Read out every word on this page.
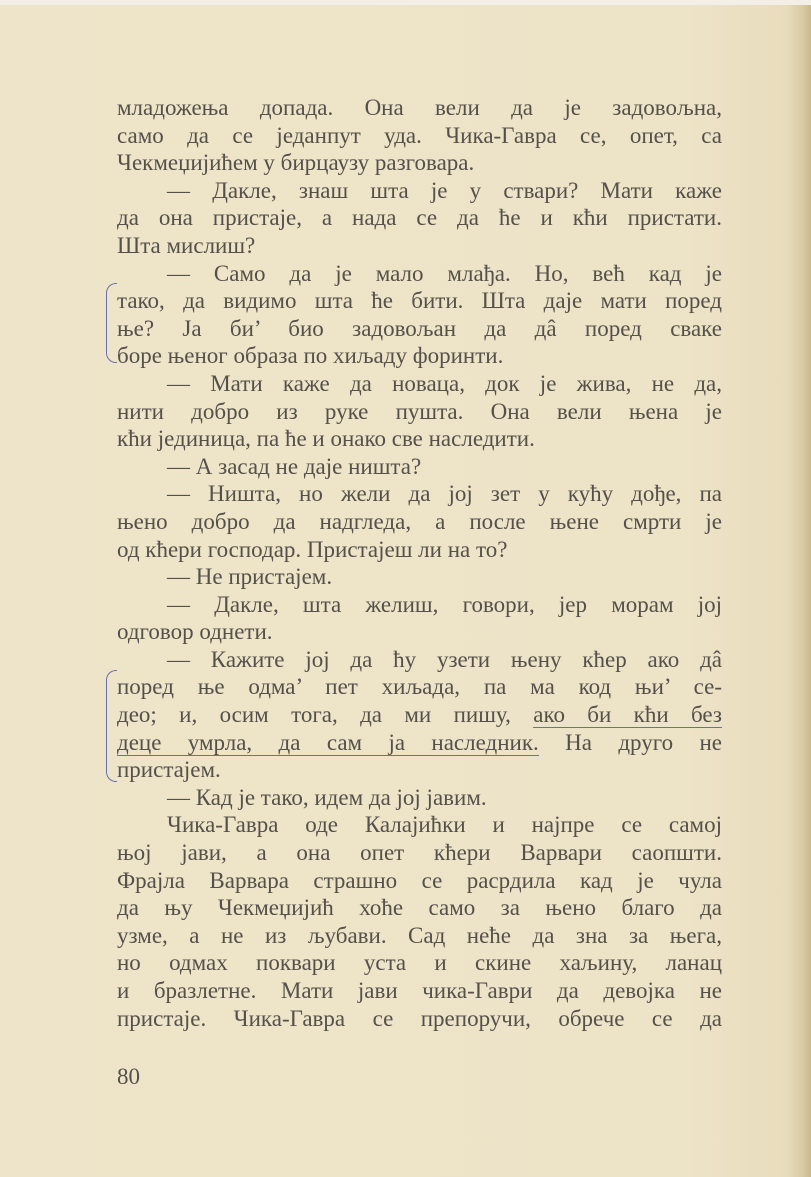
младожења допада. Она вели да је задовољна,
само да се једанпут уда. Чика-Гавра се, опет, са
Чекмеџијићем у бирцаузу разговара.
— Дакле, знаш шта је у ствари? Мати каже
да она пристаје, а нада се да ће и кћи пристати.
Шта мислиш?
— Само да је мало млађа. Но, већ кад је
тако, да видимо шта ће бити. Шта даје мати поред
ње? Ја би’ био задовољан да дâ поред сваке
боре њеног образа по хиљаду форинти.
— Мати каже да новаца, док је жива, не да,
нити добро из руке пушта. Она вели њена је
кћи јединица, па ће и онако све наследити.
— А засад не даје ништа?
— Ништа, но жели да јој зет у кућу дође, па
њено добро да надгледа, а после њене смрти је
од кћери господар. Пристајеш ли на то?
— Не пристајем.
— Дакле, шта желиш, говори, јер морам јој
одговор однети.
— Кажите јој да ћу узети њену кћер ако дâ
поред ње одма’ пет хиљада, па ма код њи’ се-
део; и, осим тога, да ми пишу, ако би кћи без
деце умрла, да сам ја наследник. На друго не
пристајем.
— Кад је тако, идем да јој јавим.
Чика-Гавра оде Калајићки и најпре се самој
њој јави, а она опет кћери Варвари саопшти.
Фрајла Варвара страшно се расрдила кад је чула
да њу Чекмеџијић хоће само за њено благо да
узме, а не из љубави. Сад неће да зна за њега,
но одмах поквари уста и скине хаљину, ланац
и бразлетне. Мати јави чика-Гаври да девојка не
пристаје. Чика-Гавра се препоручи, обрече се да
80
